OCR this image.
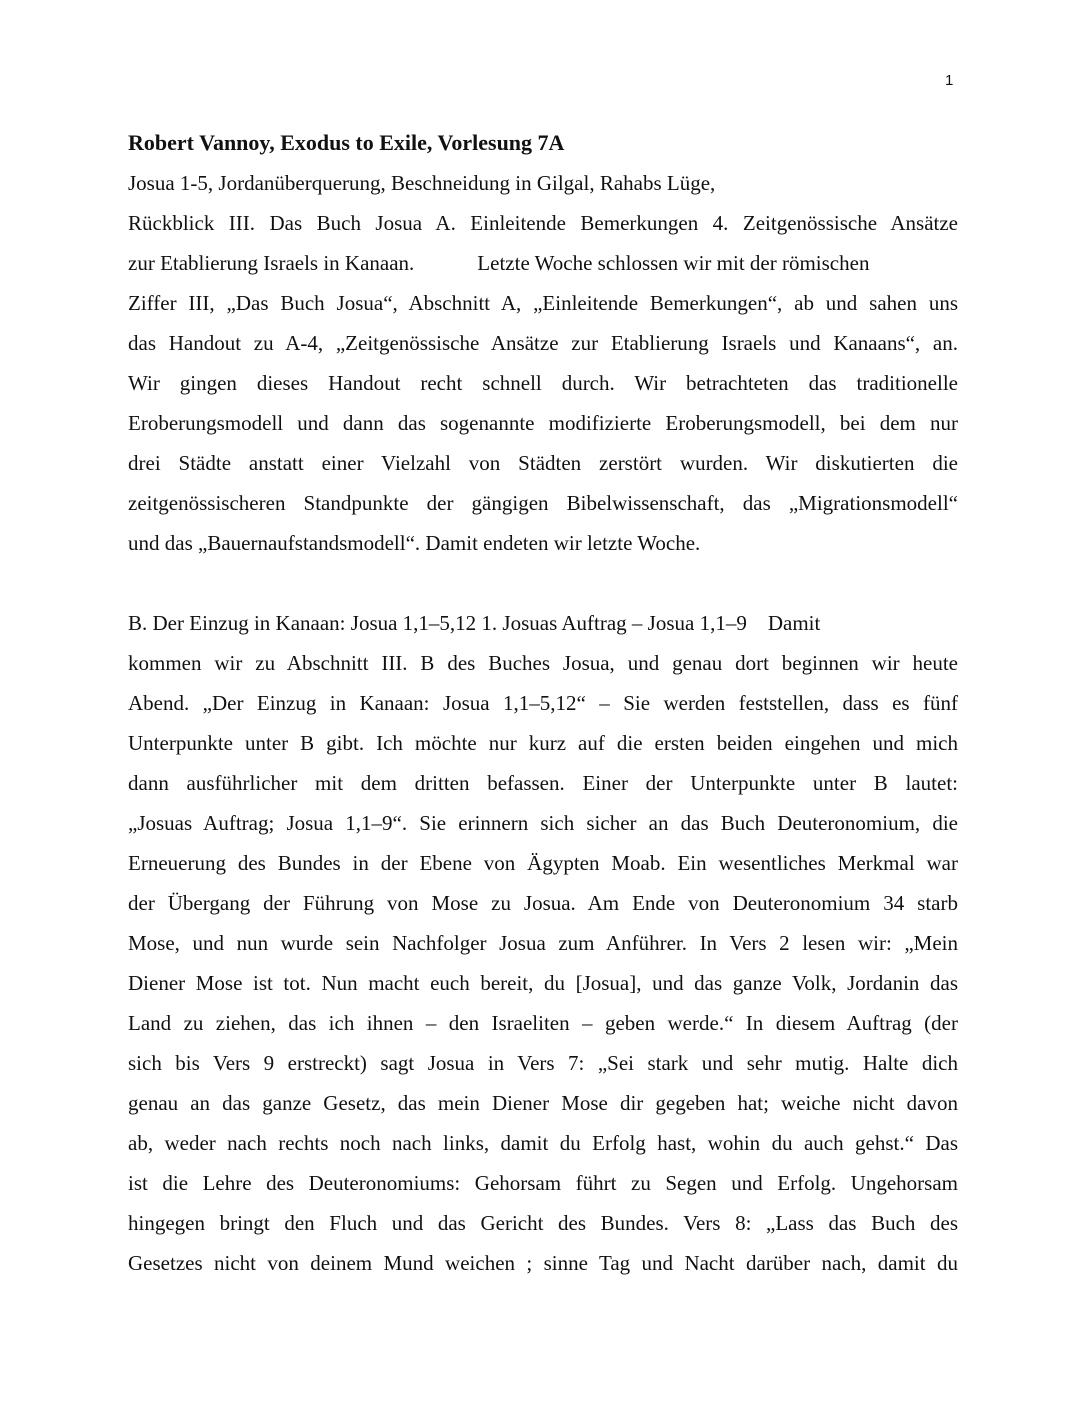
1
Robert Vannoy, Exodus to Exile, Vorlesung 7A
Josua 1-5, Jordanüberquerung, Beschneidung in Gilgal, Rahabs Lüge,
Rückblick III. Das Buch Josua A. Einleitende Bemerkungen 4. Zeitgenössische Ansätze
zur Etablierung Israels in Kanaan.            Letzte Woche schlossen wir mit der römischen
Ziffer III, „Das Buch Josua“, Abschnitt A, „Einleitende Bemerkungen“, ab und sahen uns
das Handout zu A-4, „Zeitgenössische Ansätze zur Etablierung Israels und Kanaans“, an.
Wir gingen dieses Handout recht schnell durch. Wir betrachteten das traditionelle
Eroberungsmodell und dann das sogenannte modifizierte Eroberungsmodell, bei dem nur
drei Städte anstatt einer Vielzahl von Städten zerstört wurden. Wir diskutierten die
zeitgenössischeren Standpunkte der gängigen Bibelwissenschaft, das „Migrationsmodell“
und das „Bauernaufstandsmodell“. Damit endeten wir letzte Woche.
B. Der Einzug in Kanaan: Josua 1,1–5,12 1. Josuas Auftrag – Josua 1,1–9    Damit
kommen wir zu Abschnitt III. B des Buches Josua, und genau dort beginnen wir heute
Abend. „Der Einzug in Kanaan: Josua 1,1–5,12“ – Sie werden feststellen, dass es fünf
Unterpunkte unter B gibt. Ich möchte nur kurz auf die ersten beiden eingehen und mich
dann ausführlicher mit dem dritten befassen. Einer der Unterpunkte unter B lautet:
„Josuas Auftrag; Josua 1,1–9“. Sie erinnern sich sicher an das Buch Deuteronomium, die
Erneuerung des Bundes in der Ebene von Ägypten Moab. Ein wesentliches Merkmal war
der Übergang der Führung von Mose zu Josua. Am Ende von Deuteronomium 34 starb
Mose, und nun wurde sein Nachfolger Josua zum Anführer. In Vers 2 lesen wir: „Mein
Diener Mose ist tot. Nun macht euch bereit, du [Josua], und das ganze Volk, Jordanin das
Land zu ziehen, das ich ihnen – den Israeliten – geben werde.“ In diesem Auftrag (der
sich bis Vers 9 erstreckt) sagt Josua in Vers 7: „Sei stark und sehr mutig. Halte dich
genau an das ganze Gesetz, das mein Diener Mose dir gegeben hat; weiche nicht davon
ab, weder nach rechts noch nach links, damit du Erfolg hast, wohin du auch gehst.“ Das
ist die Lehre des Deuteronomiums: Gehorsam führt zu Segen und Erfolg. Ungehorsam
hingegen bringt den Fluch und das Gericht des Bundes. Vers 8: „Lass das Buch des
Gesetzes nicht von deinem Mund weichen ; sinne Tag und Nacht darüber nach, damit du
